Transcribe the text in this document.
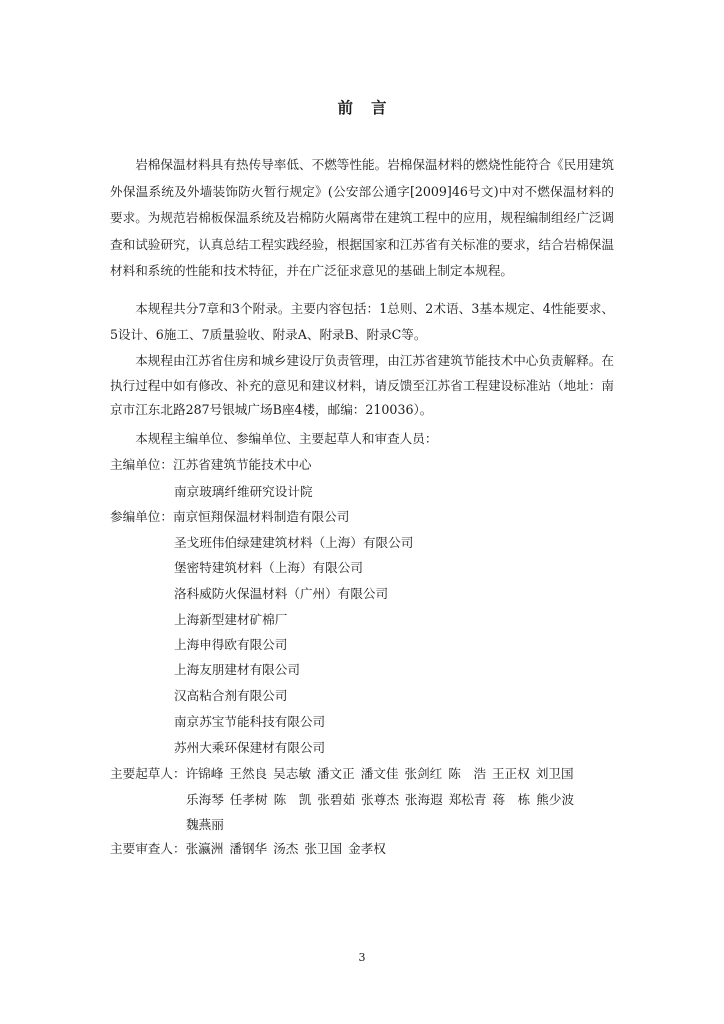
前 言

岩棉保温材料具有热传导率低、不燃等性能。岩棉保温材料的燃烧性能符合《民用建筑外保温系统及外墙装饰防火暂行规定》(公安部公通字[2009]46号文)中对不燃保温材料的要求。为规范岩棉板保温系统及岩棉防火隔离带在建筑工程中的应用，规程编制组经广泛调查和试验研究，认真总结工程实践经验，根据国家和江苏省有关标准的要求，结合岩棉保温材料和系统的性能和技术特征，并在广泛征求意见的基础上制定本规程。

本规程共分7章和3个附录。主要内容包括：1总则、2术语、3基本规定、4性能要求、5设计、6施工、7质量验收、附录A、附录B、附录C等。

本规程由江苏省住房和城乡建设厅负责管理，由江苏省建筑节能技术中心负责解释。在执行过程中如有修改、补充的意见和建议材料，请反馈至江苏省工程建设标准站（地址：南京市江东北路287号银城广场B座4楼，邮编：210036）。

本规程主编单位、参编单位、主要起草人和审查人员：

主编单位：江苏省建筑节能技术中心
南京玻璃纤维研究设计院
参编单位：南京恒翔保温材料制造有限公司
圣戈班伟伯绿建建筑材料（上海）有限公司
堡密特建筑材料（上海）有限公司
洛科威防火保温材料（广州）有限公司
上海新型建材矿棉厂
上海申得欧有限公司
上海友朋建材有限公司
汉高粘合剂有限公司
南京苏宝节能科技有限公司
苏州大乘环保建材有限公司
主要起草人：许锦峰 王然良 吴志敏 潘文正 潘文佳 张剑红 陈　浩 王正权 刘卫国
乐海琴 任孝树 陈　凯 张碧茹 张尊杰 张海遐 郑松青 蒋　栋 熊少波
魏燕丽
主要审查人：张瀛洲 潘钢华 汤杰 张卫国 金孝权
3
